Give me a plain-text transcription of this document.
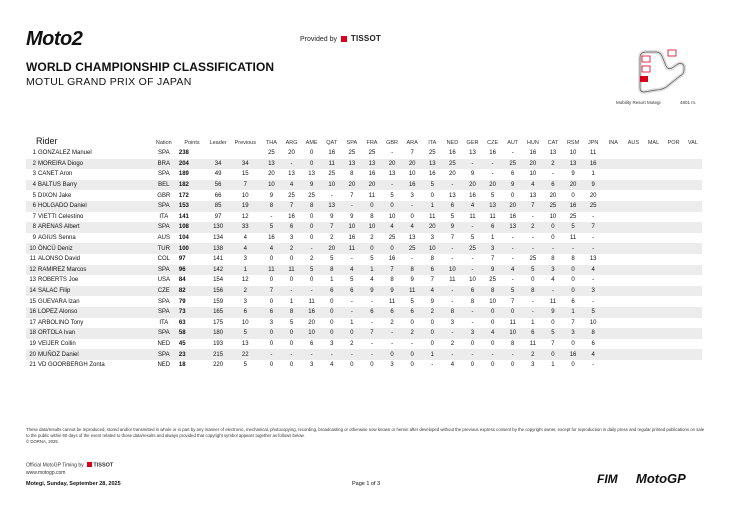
Moto2	Provided by TISSOT
WORLD CHAMPIONSHIP CLASSIFICATION
MOTUL GRAND PRIX OF JAPAN
Mobility Resort Motegi	4801 m.
Rider	Nation	Points	Leader	Previous	THA	ARG	AME	QAT	SPA	FRA	GBR	ARA	ITA	NED	GER	CZE	AUT	HUN	CAT	RSM	JPN	INA	AUS	MAL	POR	VAL
1 GONZALEZ Manuel	SPA	238			25	20	0	16	25	25	-	7	25	16	13	16	-	16	13	10	11					
2 MOREIRA Diogo	BRA	204	34	34	13	-	0	11	13	13	20	20	13	25	-	-	25	20	2	13	16					
3 CANET Aron	SPA	189	49	15	20	13	13	25	8	16	13	10	16	20	9	-	6	10	-	9	1					
4 BALTUS Barry	BEL	182	56	7	10	4	9	10	20	20	-	16	5	-	20	20	9	4	6	20	9					
5 DIXON Jake	GBR	172	66	10	9	25	25	-	7	11	5	3	0	13	16	5	0	13	20	0	20					
6 HOLGADO Daniel	SPA	153	85	19	8	7	8	13	-	0	0	-	1	6	4	13	20	7	25	16	25					
7 VIETTI Celestino	ITA	141	97	12	-	16	0	9	9	8	10	0	11	5	11	11	16	-	10	25	-					
8 ARENAS Albert	SPA	108	130	33	5	6	0	7	10	10	4	4	20	9	-	6	13	2	0	5	7					
9 AGIUS Senna	AUS	104	134	4	16	3	0	2	16	2	25	13	3	7	5	1	-	-	0	11	-					
10 ÖNCÜ Deniz	TUR	100	138	4	4	2	-	20	11	0	0	25	10	-	25	3	-	-	-	-	-					
11 ALONSO David	COL	97	141	3	0	0	2	5	-	5	16	-	8	-	-	7	-	25	8	8	13					
12 RAMIREZ Marcos	SPA	96	142	1	11	11	5	8	4	1	7	8	6	10	-	9	4	5	3	0	4					
13 ROBERTS Joe	USA	84	154	12	0	0	0	1	5	4	8	9	7	11	10	25	-	0	4	0	-					
14 SALAC Filip	CZE	82	156	2	7	-	-	6	6	9	9	11	4	-	6	8	5	8	-	0	3					
15 GUEVARA Izan	SPA	79	159	3	0	1	11	0	-	-	11	5	9	-	8	10	7	-	11	6	-					
16 LOPEZ Alonso	SPA	73	165	6	6	8	16	0	-	6	6	6	2	8	-	0	0	-	9	1	5					
17 ARBOLINO Tony	ITA	63	175	10	3	5	20	0	1	-	2	0	0	3	-	0	11	1	0	7	10					
18 ORTOLA Ivan	SPA	58	180	5	0	0	10	0	0	7	-	2	0	-	3	4	10	6	5	3	8					
19 VEIJER Collin	NED	45	193	13	0	0	6	3	2	-	-	-	0	2	0	0	8	11	7	0	6					
20 MUÑOZ Daniel	SPA	23	215	22	-	-	-	-	-	-	0	0	1	-	-	-	-	2	0	16	4					
21 VD GOORBERGH Zonta	NED	18	220	5	0	0	3	4	0	0	3	0	-	4	0	0	0	3	1	0	-					
These data/results cannot be reproduced, stored and/or transmitted in whole or in part by any manner of electronic, mechanical, photocopying, recording, broadcasting or otherwise now known or herein after developed without the previous express consent by the copyright owner, except for reproduction in daily press and regular printed publications on sale to the public within 60 days of the event related to those data/results and always provided that copyright symbol appears together as follows below.
© DORNA, 2025
Official MotoGP Timing by TISSOT
www.motogp.com
Motegi, Sunday, September 28, 2025	Page 1 of 3	FIM MotoGP
